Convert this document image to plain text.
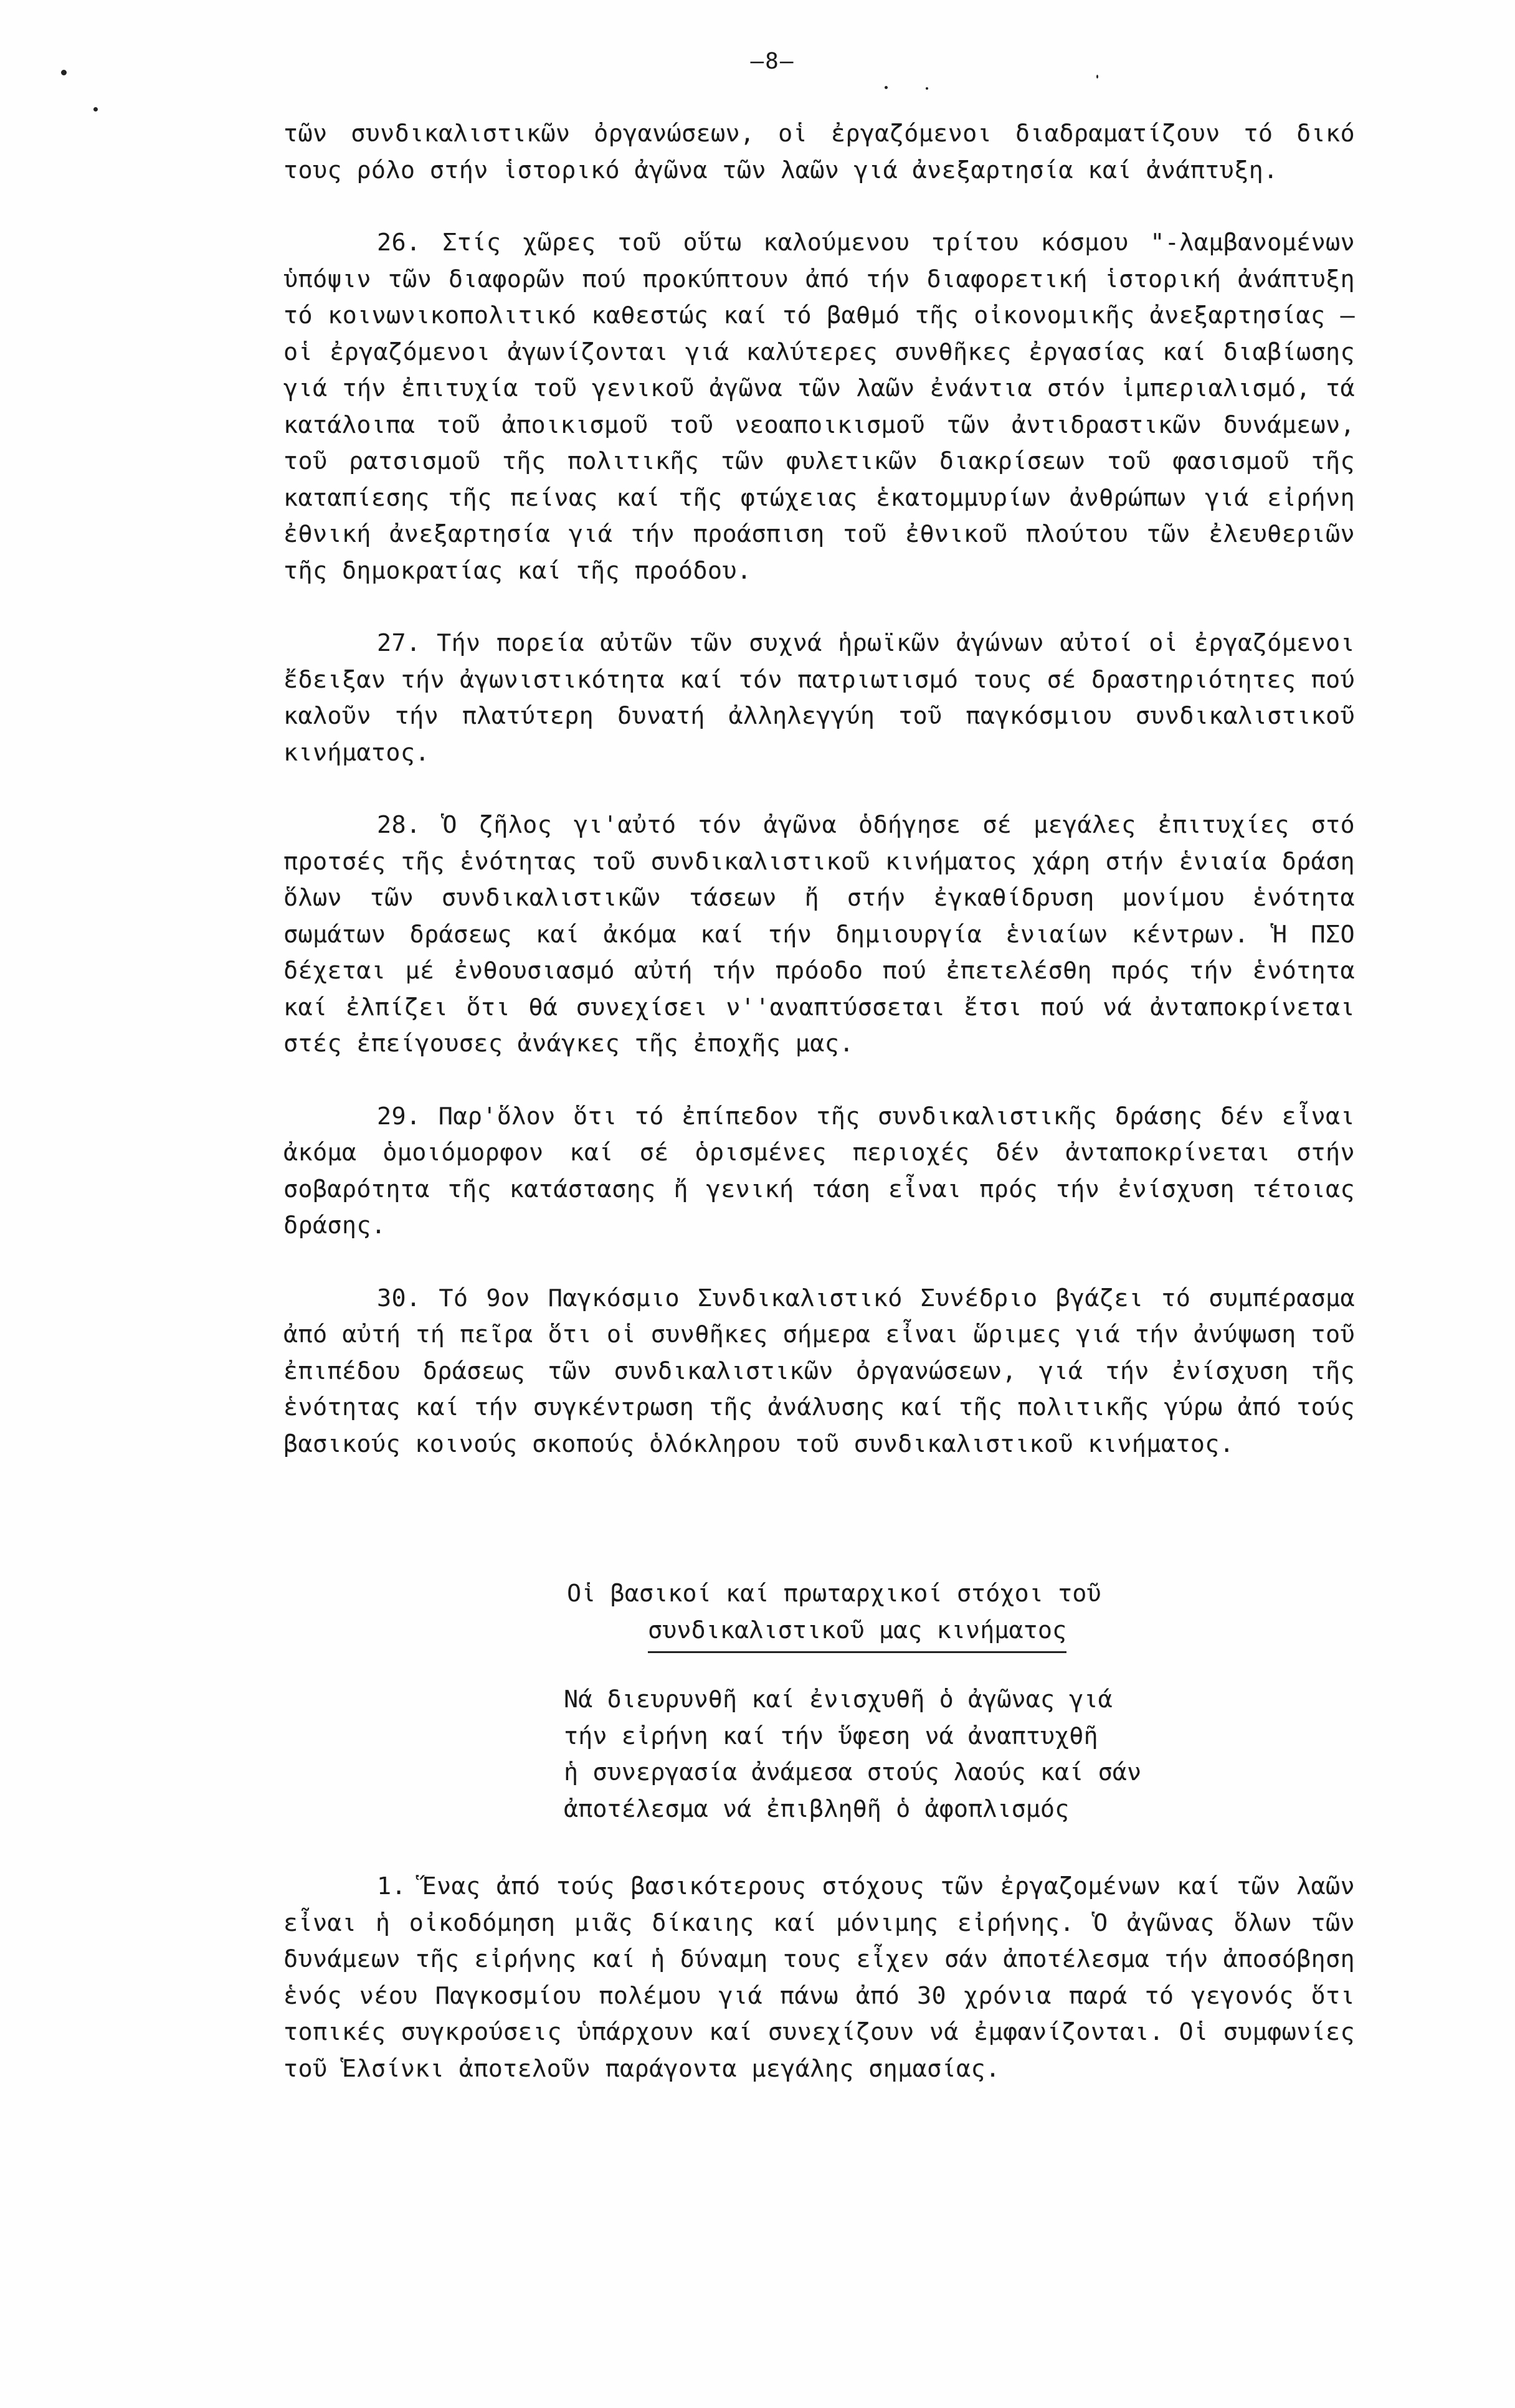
–8–

τῶν συνδικαλιστικῶν ὀργανώσεων, οἱ ἐργαζόμενοι διαδραματίζουν τό δικό τους ρόλο στήν ἱστορικό ἀγῶνα τῶν λαῶν γιά ἀνεξαρτησία καί ἀνάπτυξη.

26. Στίς χῶρες τοῦ οὕτω καλούμενου τρίτου κόσμου "-λαμβανομένων ὑπόψιν τῶν διαφορῶν πού προκύπτουν ἀπό τήν διαφορετική ἱστορική ἀνάπτυξη τό κοινωνικοπολιτικό καθεστώς καί τό βαθμό τῆς οἰκονομικῆς ἀνεξαρτησίας – οἱ ἐργαζόμενοι ἀγωνίζονται γιά καλύτερες συνθῆκες ἐργασίας καί διαβίωσης γιά τήν ἐπιτυχία τοῦ γενικοῦ ἀγῶνα τῶν λαῶν ἐνάντια στόν ἰμπεριαλισμό, τά κατάλοιπα τοῦ ἀποικισμοῦ τοῦ νεοαποικισμοῦ τῶν ἀντιδραστικῶν δυνάμεων, τοῦ ρατσισμοῦ τῆς πολιτικῆς τῶν φυλετικῶν διακρίσεων τοῦ φασισμοῦ τῆς καταπίεσης τῆς πείνας καί τῆς φτώχειας ἑκατομμυρίων ἀνθρώπων γιά εἰρήνη ἐθνική ἀνεξαρτησία γιά τήν προάσπιση τοῦ ἐθνικοῦ πλούτου τῶν ἐλευθεριῶν τῆς δημοκρατίας καί τῆς προόδου.

27. Τήν πορεία αὐτῶν τῶν συχνά ἡρωϊκῶν ἀγώνων αὐτοί οἱ ἐργαζόμενοι ἔδειξαν τήν ἀγωνιστικότητα καί τόν πατριωτισμό τους σέ δραστηριότητες πού καλοῦν τήν πλατύτερη δυνατή ἀλληλεγγύη τοῦ παγκόσμιου συνδικαλιστικοῦ κινήματος.

28. Ὁ ζῆλος γι'αὐτό τόν ἀγῶνα ὁδήγησε σέ μεγάλες ἐπιτυχίες στό προτσές τῆς ἑνότητας τοῦ συνδικαλιστικοῦ κινήματος χάρη στήν ἑνιαία δράση ὅλων τῶν συνδικαλιστικῶν τάσεων ἤ στήν ἐγκαθίδρυση μονίμου ἑνότητα σωμάτων δράσεως καί ἀκόμα καί τήν δημιουργία ἑνιαίων κέντρων. Ἡ ΠΣΟ δέχεται μέ ἐνθουσιασμό αὐτή τήν πρόοδο πού ἐπετελέσθη πρός τήν ἑνότητα καί ἐλπίζει ὅτι θά συνεχίσει ν''αναπτύσσεται ἔτσι πού νά ἀνταποκρίνεται στές ἐπείγουσες ἀνάγκες τῆς ἐποχῆς μας.

29. Παρ'ὅλον ὅτι τό ἐπίπεδον τῆς συνδικαλιστικῆς δράσης δέν εἶναι ἀκόμα ὁμοιόμορφον καί σέ ὁρισμένες περιοχές δέν ἀνταποκρίνεται στήν σοβαρότητα τῆς κατάστασης ἤ γενική τάση εἶναι πρός τήν ἐνίσχυση τέτοιας δράσης.

30. Τό 9ον Παγκόσμιο Συνδικαλιστικό Συνέδριο βγάζει τό συμπέρασμα ἀπό αὐτή τή πεῖρα ὅτι οἱ συνθῆκες σήμερα εἶναι ὥριμες γιά τήν ἀνύψωση τοῦ ἐπιπέδου δράσεως τῶν συνδικαλιστικῶν ὀργανώσεων, γιά τήν ἐνίσχυση τῆς ἑνότητας καί τήν συγκέντρωση τῆς ἀνάλυσης καί τῆς πολιτικῆς γύρω ἀπό τούς βασικούς κοινούς σκοπούς ὁλόκληρου τοῦ συνδικαλιστικοῦ κινήματος.

Οἱ βασικοί καί πρωταρχικοί στόχοι τοῦ
συνδικαλιστικοῦ μας κινήματος
Νά διευρυνθῆ καί ἐνισχυθῆ ὁ ἀγῶνας γιά
τήν εἰρήνη καί τήν ὕφεση νά ἀναπτυχθῆ
ἡ συνεργασία ἀνάμεσα στούς λαούς καί σάν
ἀποτέλεσμα νά ἐπιβληθῆ ὁ ἀφοπλισμός

1. Ἕνας ἀπό τούς βασικότερους στόχους τῶν ἐργαζομένων καί τῶν λαῶν εἶναι ἡ οἰκοδόμηση μιᾶς δίκαιης καί μόνιμης εἰρήνης. Ὁ ἀγῶνας ὅλων τῶν δυνάμεων τῆς εἰρήνης καί ἡ δύναμη τους εἶχεν σάν ἀποτέλεσμα τήν ἀποσόβηση ἑνός νέου Παγκοσμίου πολέμου γιά πάνω ἀπό 30 χρόνια παρά τό γεγονός ὅτι τοπικές συγκρούσεις ὑπάρχουν καί συνεχίζουν νά ἐμφανίζονται. Οἱ συμφωνίες τοῦ Ἑλσίνκι ἀποτελοῦν παράγοντα μεγάλης σημασίας.
